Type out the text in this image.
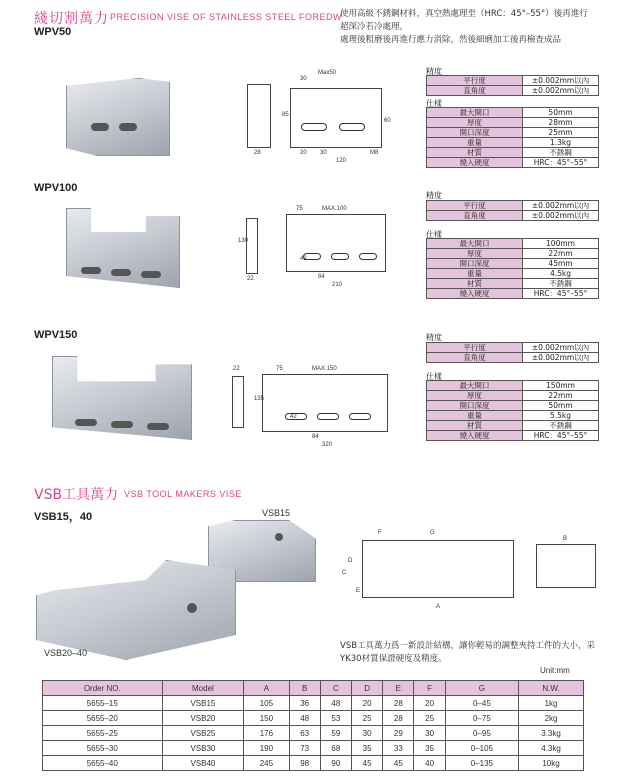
綫切割萬力 PRECISION VISE OF STAINLESS STEEL FOREDW
使用高級不銹鋼材料，真空熱處理至（HRC：45°–55°）後再進行
超深冷若冷處理。
處理後粗磨後再進行應力消除，然後細磨加工後再檢查成品
WPV50
28
30
Max50
85
60
20 30
120
M8
精度
平行度	±0.002mm以內
直角度	±0.002mm以內
仕樣
最大開口	50mm
厚度	28mm
開口深度	25mm
重量	1.3kg
材質	不銹鋼
燒入硬度	HRC：45°–55°
WPV100
130
22
75	MAX.100
42
84
210
精度
平行度	±0.002mm以內
直角度	±0.002mm以內
仕樣
最大開口	100mm
厚度	22mm
開口深度	45mm
重量	4.5kg
材質	不銹鋼
燒入硬度	HRC：45°–55°
WPV150
22	75	MAX.150
135
42
84
320
精度
平行度	±0.002mm以內
直角度	±0.002mm以內
仕樣
最大開口	150mm
厚度	22mm
開口深度	50mm
重量	5.5kg
材質	不銹鋼
燒入硬度	HRC：45°–55°
VSB工具萬力 VSB TOOL MAKERS VISE
VSB15，40	VSB15
VSB20–40
F	G
D
C
E
A
B
VSB工具萬力爲一新設計結構，讓你輕易的調整夾持工件的大小，采
YK30材質保證硬度及精度。
Unit:mm
Order NO.	Model	A	B	C	D	E	F	G	N.W.
5655–15	VSB15	105	36	48	20	28	20	0–45	1kg
5655–20	VSB20	150	48	53	25	28	25	0–75	2kg
5655–25	VSB25	176	63	59	30	29	30	0–95	3.3kg
5655–30	VSB30	190	73	68	35	33	35	0–105	4.3kg
5655–40	VSB40	245	98	90	45	45	40	0–135	10kg
